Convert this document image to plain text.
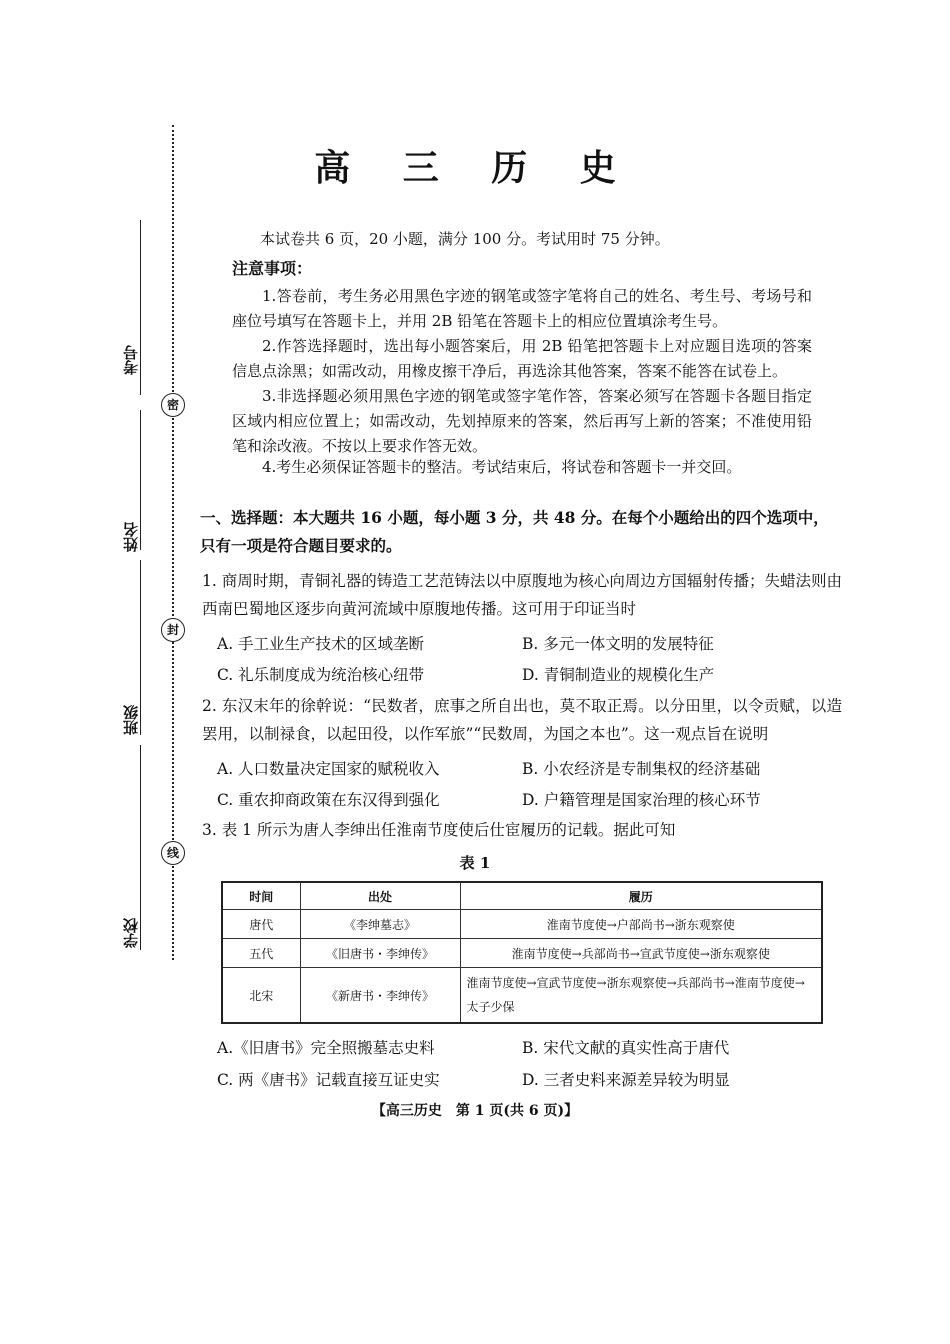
考号
姓名
班级
学校
密
封
线
高 三 历 史
本试卷共 6 页，20 小题，满分 100 分。考试用时 75 分钟。
注意事项：
1.答卷前，考生务必用黑色字迹的钢笔或签字笔将自己的姓名、考生号、考场号和座位号填写在答题卡上，并用 2B 铅笔在答题卡上的相应位置填涂考生号。
2.作答选择题时，选出每小题答案后，用 2B 铅笔把答题卡上对应题目选项的答案信息点涂黑；如需改动，用橡皮擦干净后，再选涂其他答案，答案不能答在试卷上。
3.非选择题必须用黑色字迹的钢笔或签字笔作答，答案必须写在答题卡各题目指定区域内相应位置上；如需改动，先划掉原来的答案，然后再写上新的答案；不准使用铅笔和涂改液。不按以上要求作答无效。
4.考生必须保证答题卡的整洁。考试结束后，将试卷和答题卡一并交回。
一、选择题：本大题共 16 小题，每小题 3 分，共 48 分。在每个小题给出的四个选项中，只有一项是符合题目要求的。
1. 商周时期，青铜礼器的铸造工艺范铸法以中原腹地为核心向周边方国辐射传播；失蜡法则由西南巴蜀地区逐步向黄河流域中原腹地传播。这可用于印证当时
A. 手工业生产技术的区域垄断	B. 多元一体文明的发展特征
C. 礼乐制度成为统治核心纽带	D. 青铜制造业的规模化生产
2. 东汉末年的徐幹说：“民数者，庶事之所自出也，莫不取正焉。以分田里，以令贡赋，以造罢用，以制禄食，以起田役，以作军旅”“民数周，为国之本也”。这一观点旨在说明
A. 人口数量决定国家的赋税收入	B. 小农经济是专制集权的经济基础
C. 重农抑商政策在东汉得到强化	D. 户籍管理是国家治理的核心环节
3. 表 1 所示为唐人李绅出任淮南节度使后仕宦履历的记载。据此可知
表 1
时间	出处	履历
唐代	《李绅墓志》	淮南节度使→户部尚书→浙东观察使
五代	《旧唐书・李绅传》	淮南节度使→兵部尚书→宣武节度使→浙东观察使
北宋	《新唐书・李绅传》	淮南节度使→宣武节度使→浙东观察使→兵部尚书→淮南节度使→太子少保
A.《旧唐书》完全照搬墓志史料	B. 宋代文献的真实性高于唐代
C. 两《唐书》记载直接互证史实	D. 三者史料来源差异较为明显
【高三历史　第 1 页(共 6 页)】
